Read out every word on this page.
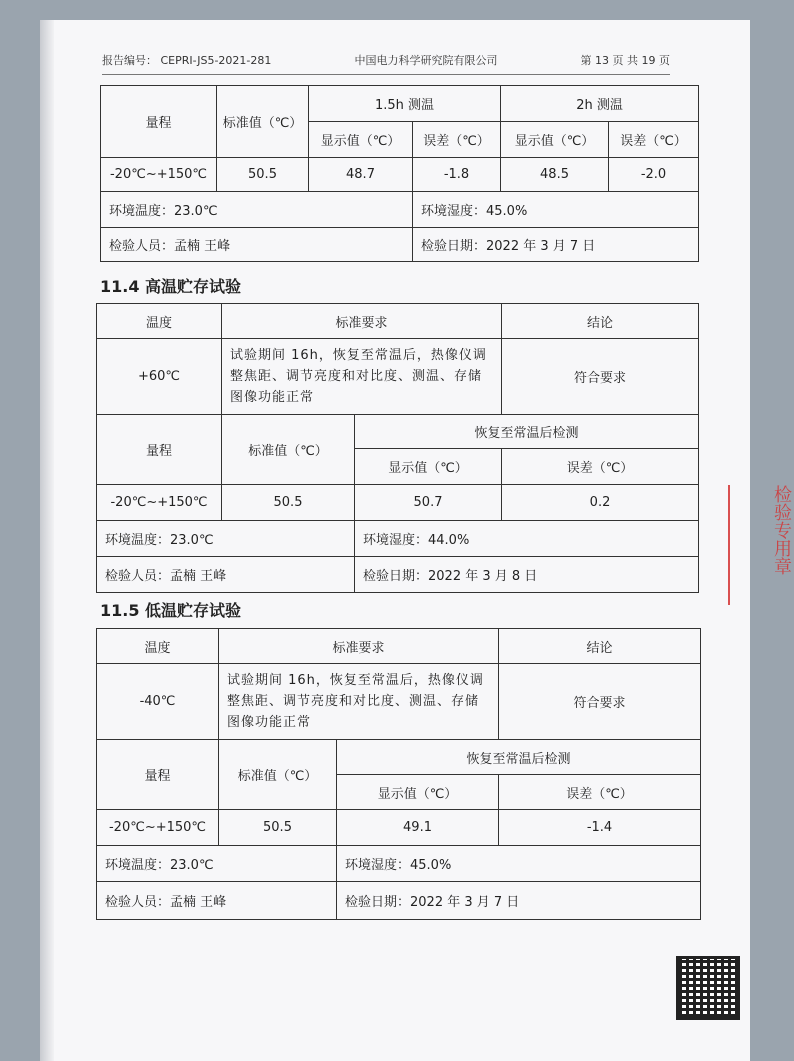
报告编号： CEPRI-JS5-2021-281	中国电力科学研究院有限公司	第 13 页 共 19 页
量程	标准值（℃）	1.5h 测温		2h 测温	
		显示值（℃）	误差（℃）	显示值（℃）	误差（℃）
-20℃~+150℃	50.5	48.7	-1.8	48.5	-2.0
环境温度：23.0℃			环境湿度：45.0%		
检验人员：孟楠 王峰			检验日期：2022 年 3 月 7 日		
11.4 高温贮存试验
温度	标准要求		结论
+60℃	试验期间 16h，恢复至常温后，热像仪调整焦距、调节亮度和对比度、测温、存储图像功能正常		符合要求
量程	标准值（℃）	恢复至常温后检测	
		显示值（℃）	误差（℃）
-20℃~+150℃	50.5	50.7	0.2
环境温度：23.0℃		环境湿度：44.0%	
检验人员：孟楠 王峰		检验日期：2022 年 3 月 8 日	
11.5 低温贮存试验
温度	标准要求		结论
-40℃	试验期间 16h，恢复至常温后，热像仪调整焦距、调节亮度和对比度、测温、存储图像功能正常		符合要求
量程	标准值（℃）	恢复至常温后检测	
		显示值（℃）	误差（℃）
-20℃~+150℃	50.5	49.1	-1.4
环境温度：23.0℃		环境湿度：45.0%	
检验人员：孟楠 王峰		检验日期：2022 年 3 月 7 日	
检验专用章
